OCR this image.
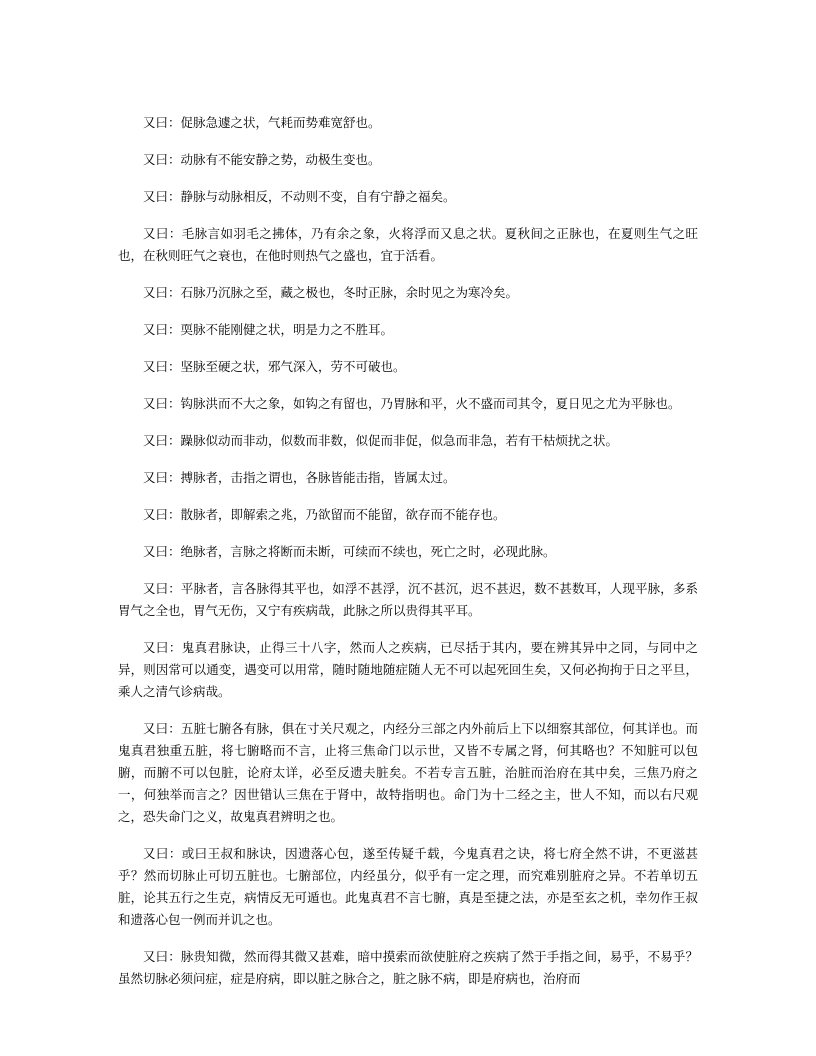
又曰：促脉急遽之状，气耗而势难宽舒也。

又曰：动脉有不能安静之势，动极生变也。

又曰：静脉与动脉相反，不动则不变，自有宁静之福矣。

又曰：毛脉言如羽毛之拂体，乃有余之象，火将浮而又息之状。夏秋间之正脉也，在夏则生气之旺也，在秋则旺气之衰也，在他时则热气之盛也，宜于活看。

又曰：石脉乃沉脉之至，藏之极也，冬时正脉，余时见之为寒冷矣。

又曰：耎脉不能刚健之状，明是力之不胜耳。

又曰：坚脉至硬之状，邪气深入，劳不可破也。

又曰：钩脉洪而不大之象，如钩之有留也，乃胃脉和平，火不盛而司其令，夏日见之尤为平脉也。

又曰：躁脉似动而非动，似数而非数，似促而非促，似急而非急，若有干枯烦扰之状。

又曰：搏脉者，击指之谓也，各脉皆能击指，皆属太过。

又曰：散脉者，即解索之兆，乃欲留而不能留，欲存而不能存也。

又曰：绝脉者，言脉之将断而未断，可续而不续也，死亡之时，必现此脉。

又曰：平脉者，言各脉得其平也，如浮不甚浮，沉不甚沉，迟不甚迟，数不甚数耳，人现平脉，多系胃气之全也，胃气无伤，又宁有疾病哉，此脉之所以贵得其平耳。

又曰：鬼真君脉诀，止得三十八字，然而人之疾病，已尽括于其内，要在辨其异中之同，与同中之异，则因常可以通变，遇变可以用常，随时随地随症随人无不可以起死回生矣，又何必拘拘于日之平旦，乘人之清气诊病哉。

又曰：五脏七腑各有脉，俱在寸关尺观之，内经分三部之内外前后上下以细察其部位，何其详也。而鬼真君独重五脏，将七腑略而不言，止将三焦命门以示世，又皆不专属之肾，何其略也？不知脏可以包腑，而腑不可以包脏，论府太详，必至反遗夫脏矣。不若专言五脏，治脏而治府在其中矣，三焦乃府之一，何独举而言之？因世错认三焦在于肾中，故特指明也。命门为十二经之主，世人不知，而以右尺观之，恐失命门之义，故鬼真君辨明之也。

又曰：或曰王叔和脉诀，因遗落心包，遂至传疑千载，今鬼真君之诀，将七府全然不讲，不更滋甚乎？然而切脉止可切五脏也。七腑部位，内经虽分，似乎有一定之理，而究难别脏府之异。不若单切五脏，论其五行之生克，病情反无可遁也。此鬼真君不言七腑，真是至捷之法，亦是至玄之机，幸勿作王叔和遗落心包一例而并讥之也。

又曰：脉贵知微，然而得其微又甚难，暗中摸索而欲使脏府之疾病了然于手指之间，易乎，不易乎？虽然切脉必须问症，症是府病，即以脏之脉合之，脏之脉不病，即是府病也，治府而
